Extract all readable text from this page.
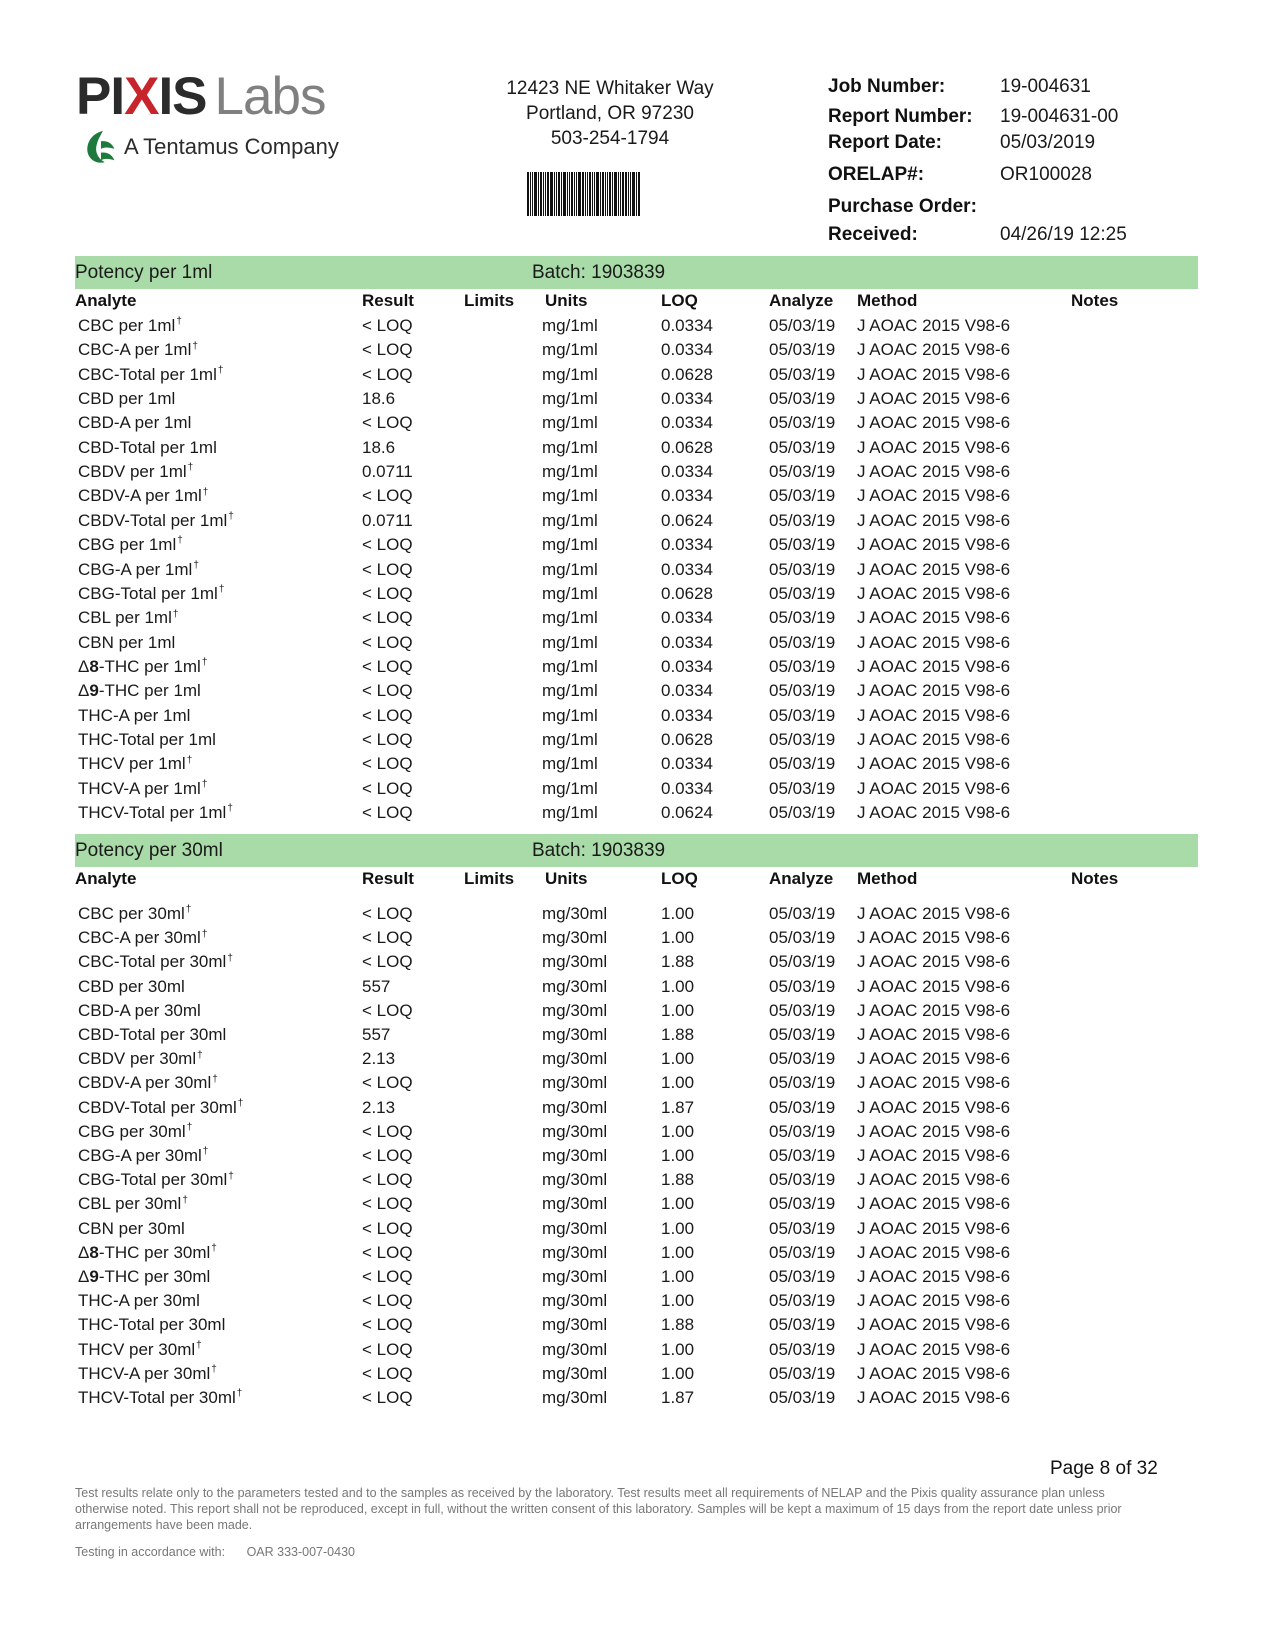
PIXIS Labs
A Tentamus Company
12423 NE Whitaker Way
Portland, OR 97230
503-254-1794
Job Number:	19-004631
Report Number:	19-004631-00
Report Date:	05/03/2019
ORELAP#:	OR100028
Purchase Order:
Received:	04/26/19 12:25
Potency per 1ml	Batch: 1903839
Analyte	Result	Limits Units	LOQ	Analyze Method	Notes
CBC per 1ml†	< LOQ	mg/1ml	0.0334	05/03/19 J AOAC 2015 V98-6
CBC-A per 1ml†	< LOQ	mg/1ml	0.0334	05/03/19 J AOAC 2015 V98-6
CBC-Total per 1ml†	< LOQ	mg/1ml	0.0628	05/03/19 J AOAC 2015 V98-6
CBD per 1ml	18.6	mg/1ml	0.0334	05/03/19 J AOAC 2015 V98-6
CBD-A per 1ml	< LOQ	mg/1ml	0.0334	05/03/19 J AOAC 2015 V98-6
CBD-Total per 1ml	18.6	mg/1ml	0.0628	05/03/19 J AOAC 2015 V98-6
CBDV per 1ml†	0.0711	mg/1ml	0.0334	05/03/19 J AOAC 2015 V98-6
CBDV-A per 1ml†	< LOQ	mg/1ml	0.0334	05/03/19 J AOAC 2015 V98-6
CBDV-Total per 1ml†	0.0711	mg/1ml	0.0624	05/03/19 J AOAC 2015 V98-6
CBG per 1ml†	< LOQ	mg/1ml	0.0334	05/03/19 J AOAC 2015 V98-6
CBG-A per 1ml†	< LOQ	mg/1ml	0.0334	05/03/19 J AOAC 2015 V98-6
CBG-Total per 1ml†	< LOQ	mg/1ml	0.0628	05/03/19 J AOAC 2015 V98-6
CBL per 1ml†	< LOQ	mg/1ml	0.0334	05/03/19 J AOAC 2015 V98-6
CBN per 1ml	< LOQ	mg/1ml	0.0334	05/03/19 J AOAC 2015 V98-6
Δ8-THC per 1ml†	< LOQ	mg/1ml	0.0334	05/03/19 J AOAC 2015 V98-6
Δ9-THC per 1ml	< LOQ	mg/1ml	0.0334	05/03/19 J AOAC 2015 V98-6
THC-A per 1ml	< LOQ	mg/1ml	0.0334	05/03/19 J AOAC 2015 V98-6
THC-Total per 1ml	< LOQ	mg/1ml	0.0628	05/03/19 J AOAC 2015 V98-6
THCV per 1ml†	< LOQ	mg/1ml	0.0334	05/03/19 J AOAC 2015 V98-6
THCV-A per 1ml†	< LOQ	mg/1ml	0.0334	05/03/19 J AOAC 2015 V98-6
THCV-Total per 1ml†	< LOQ	mg/1ml	0.0624	05/03/19 J AOAC 2015 V98-6
Potency per 30ml	Batch: 1903839
Analyte	Result	Limits Units	LOQ	Analyze Method	Notes
CBC per 30ml†	< LOQ	mg/30ml	1.00	05/03/19 J AOAC 2015 V98-6
CBC-A per 30ml†	< LOQ	mg/30ml	1.00	05/03/19 J AOAC 2015 V98-6
CBC-Total per 30ml†	< LOQ	mg/30ml	1.88	05/03/19 J AOAC 2015 V98-6
CBD per 30ml	557	mg/30ml	1.00	05/03/19 J AOAC 2015 V98-6
CBD-A per 30ml	< LOQ	mg/30ml	1.00	05/03/19 J AOAC 2015 V98-6
CBD-Total per 30ml	557	mg/30ml	1.88	05/03/19 J AOAC 2015 V98-6
CBDV per 30ml†	2.13	mg/30ml	1.00	05/03/19 J AOAC 2015 V98-6
CBDV-A per 30ml†	< LOQ	mg/30ml	1.00	05/03/19 J AOAC 2015 V98-6
CBDV-Total per 30ml†	2.13	mg/30ml	1.87	05/03/19 J AOAC 2015 V98-6
CBG per 30ml†	< LOQ	mg/30ml	1.00	05/03/19 J AOAC 2015 V98-6
CBG-A per 30ml†	< LOQ	mg/30ml	1.00	05/03/19 J AOAC 2015 V98-6
CBG-Total per 30ml†	< LOQ	mg/30ml	1.88	05/03/19 J AOAC 2015 V98-6
CBL per 30ml†	< LOQ	mg/30ml	1.00	05/03/19 J AOAC 2015 V98-6
CBN per 30ml	< LOQ	mg/30ml	1.00	05/03/19 J AOAC 2015 V98-6
Δ8-THC per 30ml†	< LOQ	mg/30ml	1.00	05/03/19 J AOAC 2015 V98-6
Δ9-THC per 30ml	< LOQ	mg/30ml	1.00	05/03/19 J AOAC 2015 V98-6
THC-A per 30ml	< LOQ	mg/30ml	1.00	05/03/19 J AOAC 2015 V98-6
THC-Total per 30ml	< LOQ	mg/30ml	1.88	05/03/19 J AOAC 2015 V98-6
THCV per 30ml†	< LOQ	mg/30ml	1.00	05/03/19 J AOAC 2015 V98-6
THCV-A per 30ml†	< LOQ	mg/30ml	1.00	05/03/19 J AOAC 2015 V98-6
THCV-Total per 30ml†	< LOQ	mg/30ml	1.87	05/03/19 J AOAC 2015 V98-6
Page 8 of 32
Test results relate only to the parameters tested and to the samples as received by the laboratory. Test results meet all requirements of NELAP and the Pixis quality assurance plan unless otherwise noted. This report shall not be reproduced, except in full, without the written consent of this laboratory. Samples will be kept a maximum of 15 days from the report date unless prior arrangements have been made.
Testing in accordance with: OAR 333-007-0430
